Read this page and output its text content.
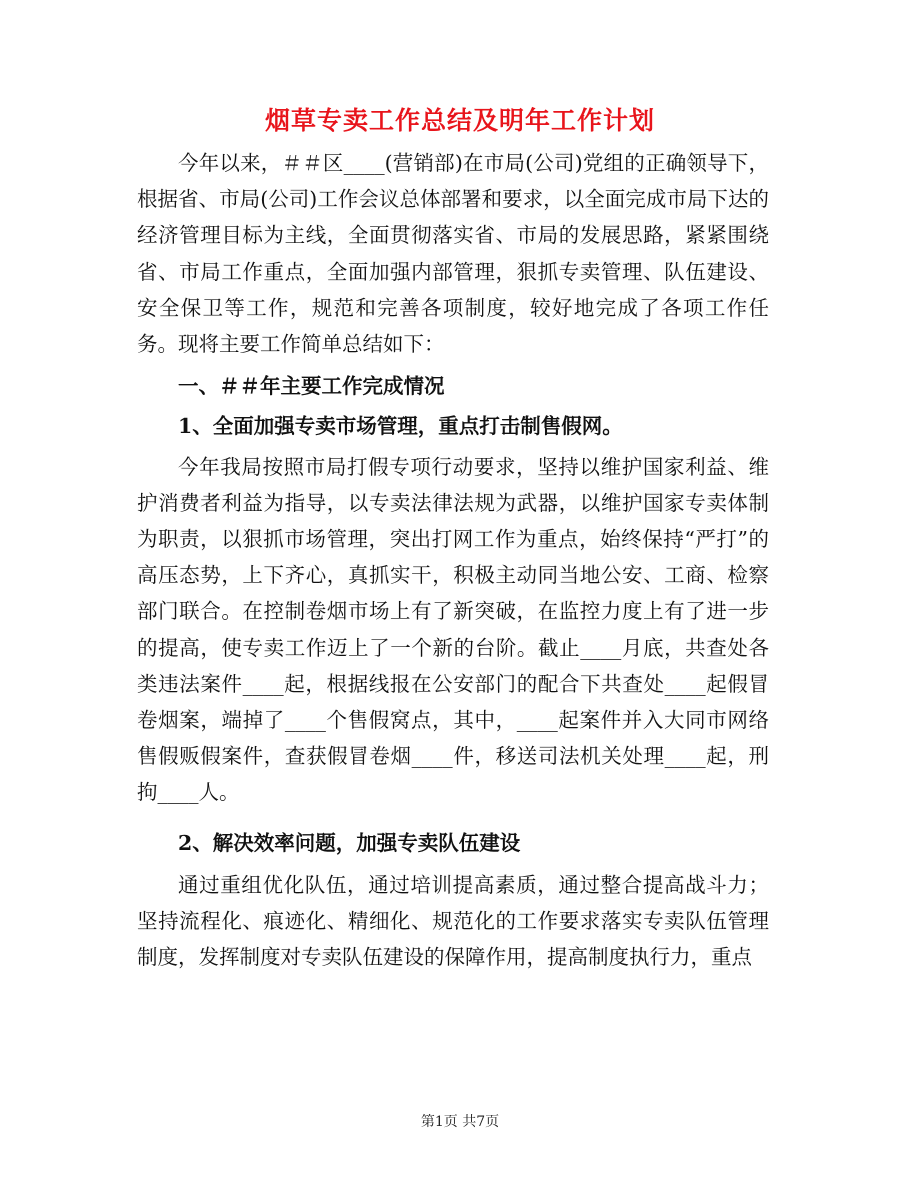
烟草专卖工作总结及明年工作计划

今年以来，＃＃区____(营销部)在市局(公司)党组的正确领导下，根据省、市局(公司)工作会议总体部署和要求，以全面完成市局下达的经济管理目标为主线，全面贯彻落实省、市局的发展思路，紧紧围绕省、市局工作重点，全面加强内部管理，狠抓专卖管理、队伍建设、安全保卫等工作，规范和完善各项制度，较好地完成了各项工作任务。现将主要工作简单总结如下：

一、＃＃年主要工作完成情况

1、全面加强专卖市场管理，重点打击制售假网。

今年我局按照市局打假专项行动要求，坚持以维护国家利益、维护消费者利益为指导，以专卖法律法规为武器，以维护国家专卖体制为职责，以狠抓市场管理，突出打网工作为重点，始终保持“严打”的高压态势，上下齐心，真抓实干，积极主动同当地公安、工商、检察部门联合。在控制卷烟市场上有了新突破，在监控力度上有了进一步的提高，使专卖工作迈上了一个新的台阶。截止____月底，共查处各类违法案件____起，根据线报在公安部门的配合下共查处____起假冒卷烟案，端掉了____个售假窝点，其中，____起案件并入大同市网络售假贩假案件，查获假冒卷烟____件，移送司法机关处理____起，刑拘____人。

2、解决效率问题，加强专卖队伍建设

通过重组优化队伍，通过培训提高素质，通过整合提高战斗力；坚持流程化、痕迹化、精细化、规范化的工作要求落实专卖队伍管理制度，发挥制度对专卖队伍建设的保障作用，提高制度执行力，重点

第1页 共7页
